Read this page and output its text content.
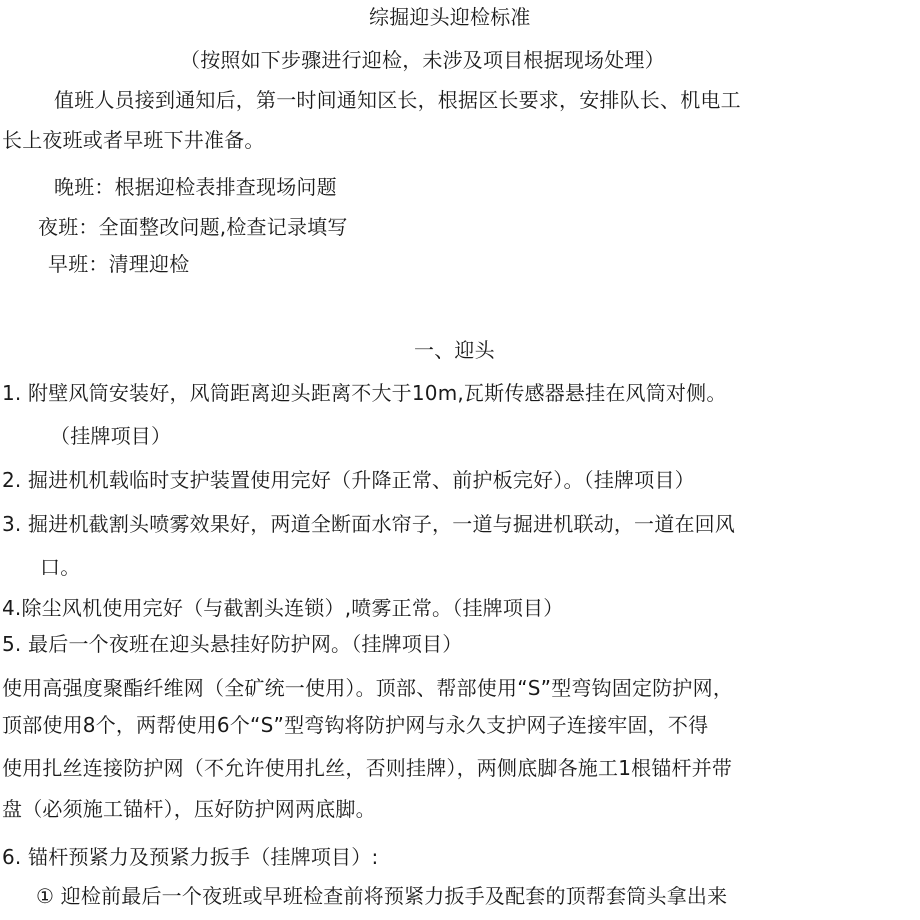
综掘迎头迎检标准
（按照如下步骤进行迎检，未涉及项目根据现场处理）
值班人员接到通知后，第一时间通知区长，根据区长要求，安排队长、机电工
长上夜班或者早班下井准备。
晚班：根据迎检表排查现场问题
夜班：全面整改问题,检查记录填写
早班：清理迎检
一、迎头
1. 附壁风筒安装好，风筒距离迎头距离不大于10m,瓦斯传感器悬挂在风筒对侧。
（挂牌项目）
2. 掘进机机载临时支护装置使用完好（升降正常、前护板完好）。（挂牌项目）
3. 掘进机截割头喷雾效果好，两道全断面水帘子，一道与掘进机联动，一道在回风
口。
4.除尘风机使用完好（与截割头连锁）,喷雾正常。（挂牌项目）
5. 最后一个夜班在迎头悬挂好防护网。（挂牌项目）
使用高强度聚酯纤维网（全矿统一使用）。顶部、帮部使用“S”型弯钩固定防护网，
顶部使用8个，两帮使用6个“S”型弯钩将防护网与永久支护网子连接牢固，不得
使用扎丝连接防护网（不允许使用扎丝，否则挂牌），两侧底脚各施工1根锚杆并带
盘（必须施工锚杆），压好防护网两底脚。
6. 锚杆预紧力及预紧力扳手（挂牌项目）:
① 迎检前最后一个夜班或早班检查前将预紧力扳手及配套的顶帮套筒头拿出来
